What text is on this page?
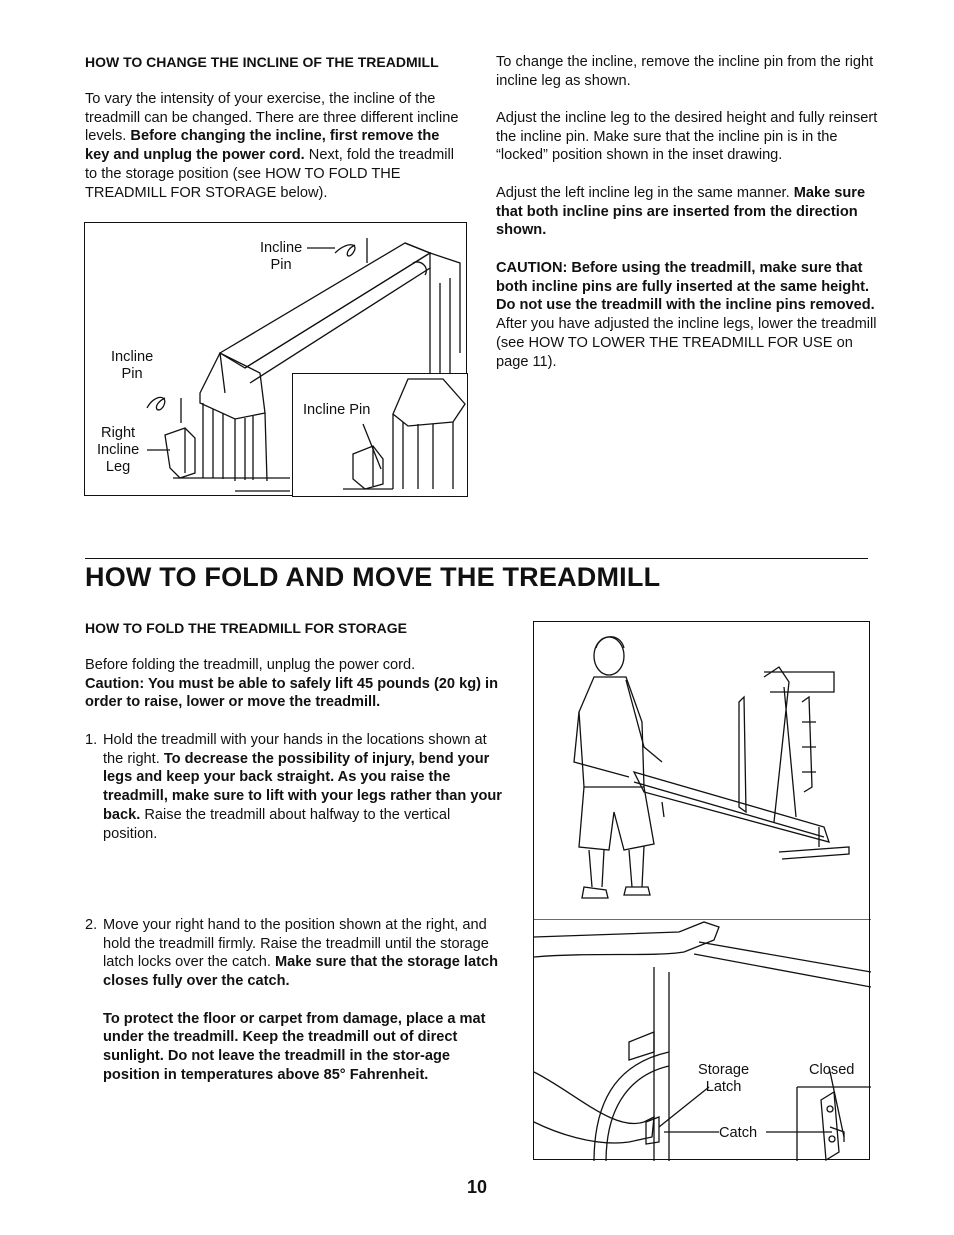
HOW TO CHANGE THE INCLINE OF THE TREADMILL

To vary the intensity of your exercise, the incline of the treadmill can be changed. There are three different incline levels. Before changing the incline, first remove the key and unplug the power cord. Next, fold the treadmill to the storage position (see HOW TO FOLD THE TREADMILL FOR STORAGE below).

Incline
Pin
Incline
Pin
Right
Incline
Leg
Incline Pin

To change the incline, remove the incline pin from the right incline leg as shown.

Adjust the incline leg to the desired height and fully reinsert the incline pin. Make sure that the incline pin is in the “locked” position shown in the inset drawing.

Adjust the left incline leg in the same manner. Make sure that both incline pins are inserted from the direction shown.

CAUTION: Before using the treadmill, make sure that both incline pins are fully inserted at the same height. Do not use the treadmill with the incline pins removed. After you have adjusted the incline legs, lower the treadmill (see HOW TO LOWER THE TREADMILL FOR USE on page 11).

HOW TO FOLD AND MOVE THE TREADMILL
HOW TO FOLD THE TREADMILL FOR STORAGE

Before folding the treadmill, unplug the power cord.
Caution: You must be able to safely lift 45 pounds (20 kg) in order to raise, lower or move the treadmill.

1. Hold the treadmill with your hands in the locations shown at the right. To decrease the possibility of injury, bend your legs and keep your back straight. As you raise the treadmill, make sure to lift with your legs rather than your back. Raise the treadmill about halfway to the vertical position.

2. Move your right hand to the position shown at the right, and hold the treadmill firmly. Raise the treadmill until the storage latch locks over the catch. Make sure that the storage latch closes fully over the catch.

To protect the floor or carpet from damage, place a mat under the treadmill. Keep the treadmill out of direct sunlight. Do not leave the treadmill in the stor-age position in temperatures above 85° Fahrenheit.	Storage
Latch
Closed
Catch
10
